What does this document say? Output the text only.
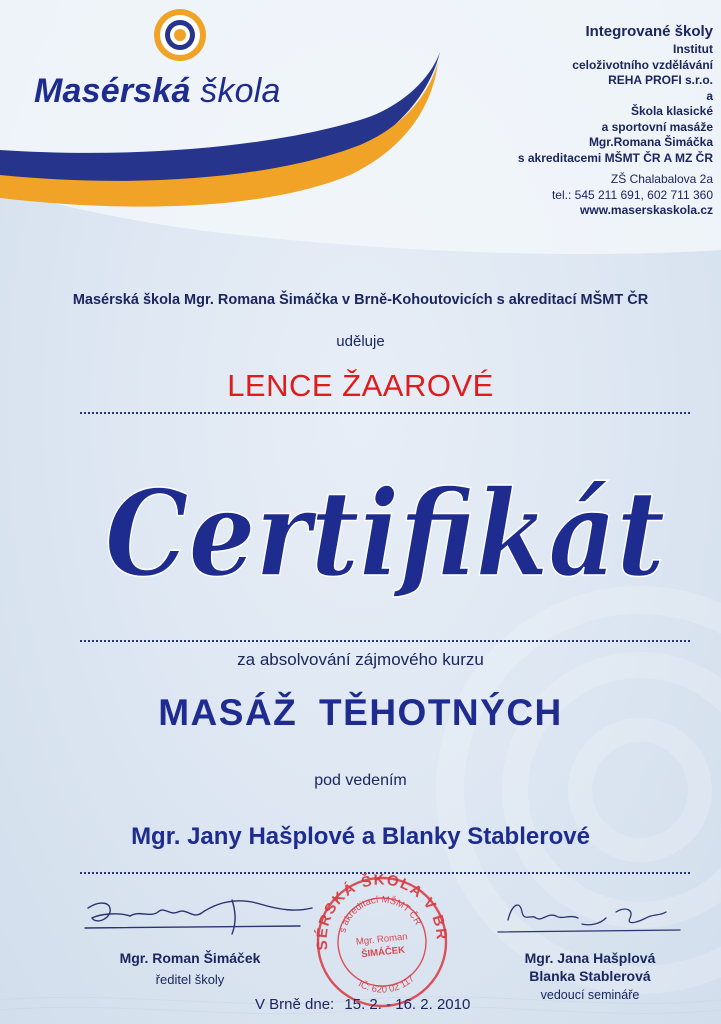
Masérská škola
Integrované školy
Institut
celoživotního vzdělávání
REHA PROFI s.r.o.
a
Škola klasické
a sportovní masáže
Mgr.Romana Šimáčka
s akreditacemi MŠMT ČR A MZ ČR
ZŠ Chalabalova 2a
tel.: 545 211 691, 602 711 360
www.maserskaskola.cz
Masérská škola Mgr. Romana Šimáčka v Brně-Kohoutovicích s akreditací MŠMT ČR
uděluje
LENCE ŽAAROVÉ
Certifikát
za absolvování zájmového kurzu
MASÁŽ TĚHOTNÝCH
pod vedením
Mgr. Jany Hašplové a Blanky Stablerové
MASÉRSKÁ ŠKOLA V BRNĚ
s akreditací MŠMT ČR
Mgr. Roman
ŠIMÁČEK
IČ: 620 02 117
Mgr. Roman Šimáček
ředitel školy
Mgr. Jana Hašplová
Blanka Stablerová
vedoucí semináře
V Brně dne: 15. 2. - 16. 2. 2010
